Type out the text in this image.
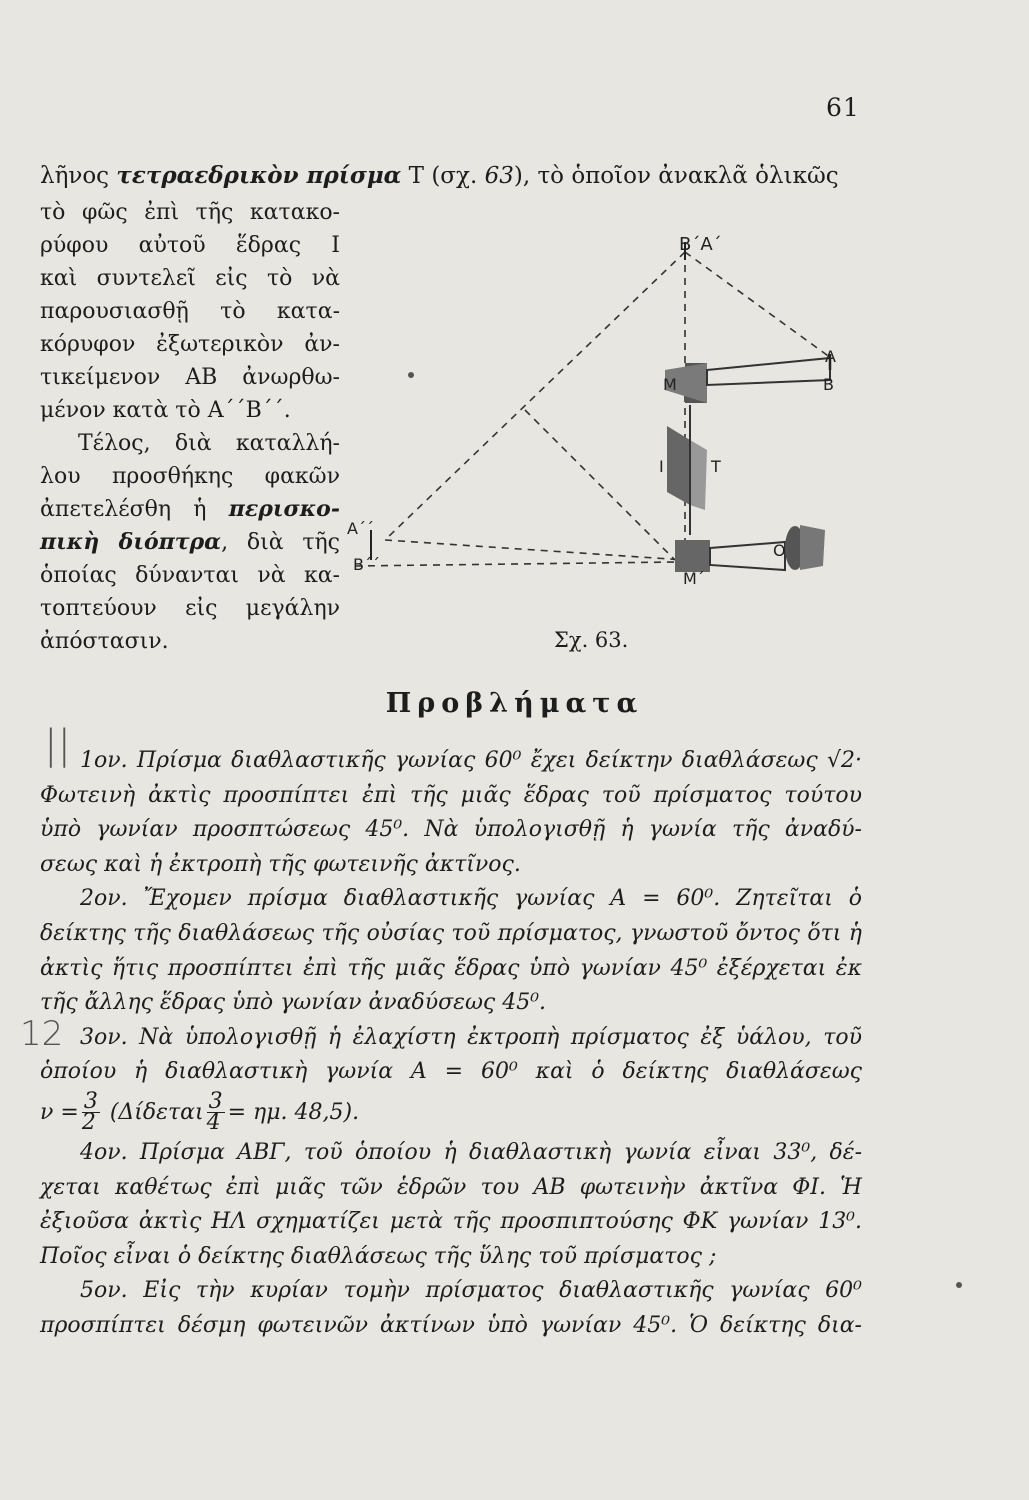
61
λῆνος τετραεδρικὸν πρίσμα Τ (σχ. 63), τὸ ὁποῖον ἀνακλᾶ ὁλικῶς
τὸ φῶς ἐπὶ τῆς κατακο-
ρύφου αὐτοῦ ἕδρας Ι
καὶ συντελεῖ εἰς τὸ νὰ
παρουσιασθῇ τὸ κατα-
κόρυφον ἐξωτερικὸν ἀν-
τικείμενον ΑΒ ἀνωρθω-
μένον κατὰ τὸ Α΄΄Β΄΄.
Τέλος, διὰ καταλλή-
λου προσθήκης φακῶν
ἀπετελέσθη ἡ περισκο-
πικὴ διόπτρα, διὰ τῆς
ὁποίας δύνανται νὰ κα-
τοπτεύουν εἰς μεγάλην
ἀπόστασιν.
Β΄Α΄
Α
Β
Μ
Μ΄
Ι	Τ
Ο
Α΄΄
Β΄΄
Σχ. 63.
Προβλήματα
||
12

1ον. Πρίσμα διαθλαστικῆς γωνίας 60⁰ ἔχει δείκτην διαθλάσεως √2·
Φωτεινὴ ἀκτὶς προσπίπτει ἐπὶ τῆς μιᾶς ἕδρας τοῦ πρίσματος τούτου
ὑπὸ γωνίαν προσπτώσεως 45⁰. Νὰ ὑπολογισθῇ ἡ γωνία τῆς ἀναδύ-
σεως καὶ ἡ ἐκτροπὴ τῆς φωτεινῆς ἀκτῖνος.

2ον. Ἔχομεν πρίσμα διαθλαστικῆς γωνίας Α = 60⁰. Ζητεῖται ὁ
δείκτης τῆς διαθλάσεως τῆς οὐσίας τοῦ πρίσματος, γνωστοῦ ὄντος ὅτι ἡ
ἀκτὶς ἥτις προσπίπτει ἐπὶ τῆς μιᾶς ἕδρας ὑπὸ γωνίαν 45⁰ ἐξέρχεται ἐκ
τῆς ἄλλης ἕδρας ὑπὸ γωνίαν ἀναδύσεως 45⁰.

3ον. Νὰ ὑπολογισθῇ ἡ ἐλαχίστη ἐκτροπὴ πρίσματος ἐξ ὑάλου, τοῦ
ὁποίου ἡ διαθλαστικὴ γωνία Α = 60⁰ καὶ ὁ δείκτης διαθλάσεως
$\nu = \frac{3}{2} (\Delta ί\delta\varepsilon\tau\alpha\iota \frac{3}{4} = \eta\mu$. 48,5).

4ον. Πρίσμα ΑΒΓ, τοῦ ὁποίου ἡ διαθλαστικὴ γωνία εἶναι 33⁰, δέ-
χεται καθέτως ἐπὶ μιᾶς τῶν ἑδρῶν του ΑΒ φωτεινὴν ἀκτῖνα ΦΙ. Ἡ
ἐξιοῦσα ἀκτὶς ΗΛ σχηματίζει μετὰ τῆς προσπιπτούσης ΦΚ γωνίαν 13⁰.
Ποῖος εἶναι ὁ δείκτης διαθλάσεως τῆς ὕλης τοῦ πρίσματος ;

5ον. Εἰς τὴν κυρίαν τομὴν πρίσματος διαθλαστικῆς γωνίας 60⁰
προσπίπτει δέσμη φωτεινῶν ἀκτίνων ὑπὸ γωνίαν 45⁰. Ὁ δείκτης δια-
